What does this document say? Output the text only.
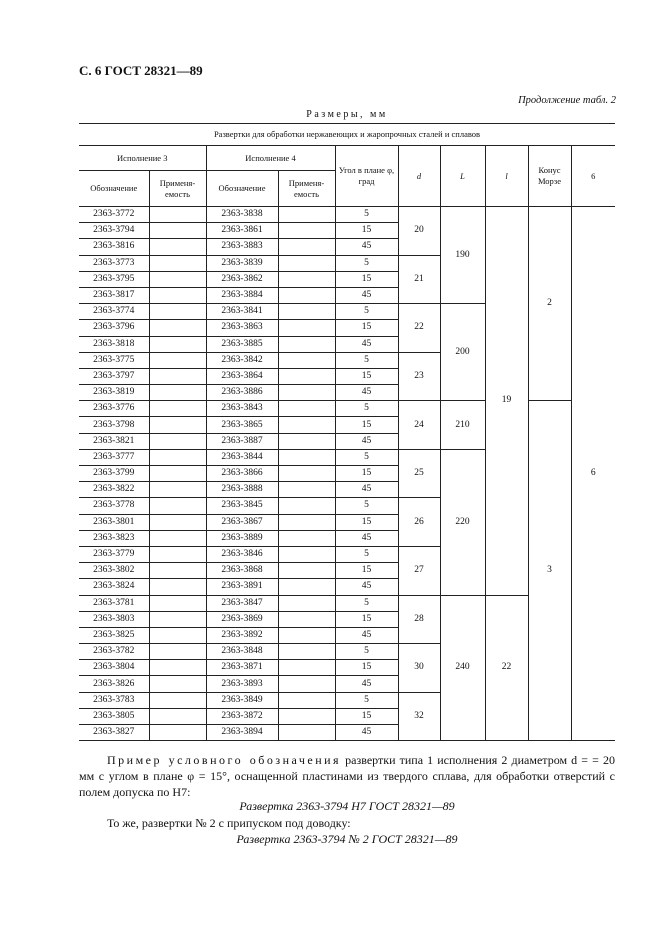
С. 6 ГОСТ 28321—89
Продолжение табл. 2
Размеры, мм
Развертки для обработки нержавеющих и жаропрочных сталей и сплавов									
Исполнение 3		Исполнение 4		Угол в плане φ, град	d	L	l	Конус Морзе	6
Обозначение	Применя-емость	Обозначение	Применя-емость						
2363-3772		2363-3838		5	20	190	19	2	6
2363-3794		2363-3861		15					
2363-3816		2363-3883		45					
2363-3773		2363-3839		5	21				
2363-3795		2363-3862		15					
2363-3817		2363-3884		45					
2363-3774		2363-3841		5	22	200			
2363-3796		2363-3863		15					
2363-3818		2363-3885		45					
2363-3775		2363-3842		5	23				
2363-3797		2363-3864		15					
2363-3819		2363-3886		45					
2363-3776		2363-3843		5	24	210		3	
2363-3798		2363-3865		15					
2363-3821		2363-3887		45					
2363-3777		2363-3844		5	25	220			
2363-3799		2363-3866		15					
2363-3822		2363-3888		45					
2363-3778		2363-3845		5	26				
2363-3801		2363-3867		15					
2363-3823		2363-3889		45					
2363-3779		2363-3846		5	27				
2363-3802		2363-3868		15					
2363-3824		2363-3891		45					
2363-3781		2363-3847		5	28	240	22		
2363-3803		2363-3869		15					
2363-3825		2363-3892		45					
2363-3782		2363-3848		5	30				
2363-3804		2363-3871		15					
2363-3826		2363-3893		45					
2363-3783		2363-3849		5	32				
2363-3805		2363-3872		15					
2363-3827		2363-3894		45					
Пример условного обозначения развертки типа 1 исполнения 2 диаметром d = = 20 мм с углом в плане φ = 15°, оснащенной пластинами из твердого сплава, для обработки отверстий с полем допуска по Н7:
Развертка 2363-3794 Н7 ГОСТ 28321—89
То же, развертки № 2 с припуском под доводку:
Развертка 2363-3794 № 2 ГОСТ 28321—89
